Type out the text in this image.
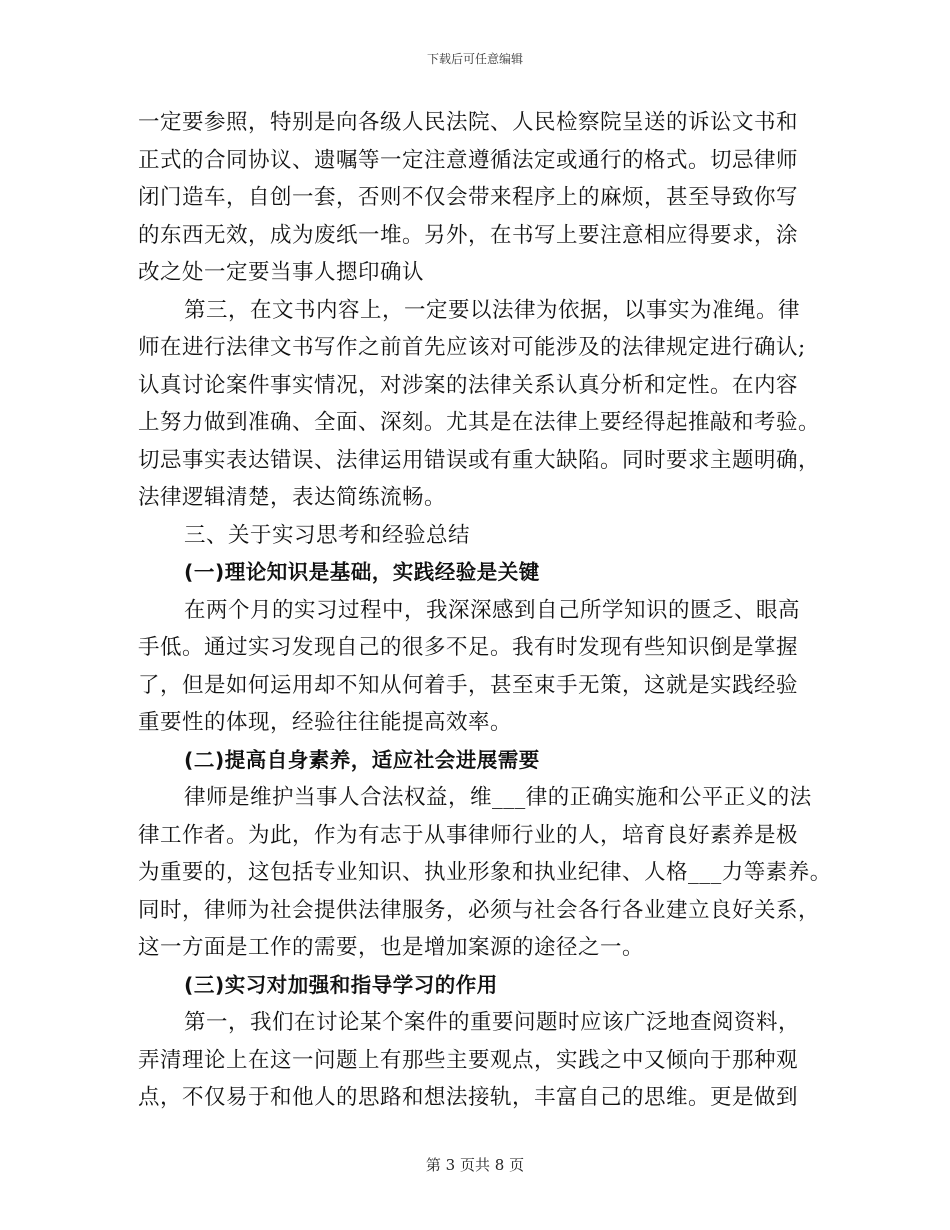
下载后可任意编辑
一定要参照，特别是向各级人民法院、人民检察院呈送的诉讼文书和
正式的合同协议、遗嘱等一定注意遵循法定或通行的格式。切忌律师
闭门造车，自创一套，否则不仅会带来程序上的麻烦，甚至导致你写
的东西无效，成为废纸一堆。另外，在书写上要注意相应得要求，涂
改之处一定要当事人摁印确认
第三，在文书内容上，一定要以法律为依据，以事实为准绳。律
师在进行法律文书写作之前首先应该对可能涉及的法律规定进行确认;
认真讨论案件事实情况，对涉案的法律关系认真分析和定性。在内容
上努力做到准确、全面、深刻。尤其是在法律上要经得起推敲和考验。
切忌事实表达错误、法律运用错误或有重大缺陷。同时要求主题明确，
法律逻辑清楚，表达简练流畅。
三、关于实习思考和经验总结
(一)理论知识是基础，实践经验是关键
在两个月的实习过程中，我深深感到自己所学知识的匮乏、眼高
手低。通过实习发现自己的很多不足。我有时发现有些知识倒是掌握
了，但是如何运用却不知从何着手，甚至束手无策，这就是实践经验
重要性的体现，经验往往能提高效率。
(二)提高自身素养，适应社会进展需要
律师是维护当事人合法权益，维___律的正确实施和公平正义的法
律工作者。为此，作为有志于从事律师行业的人，培育良好素养是极
为重要的，这包括专业知识、执业形象和执业纪律、人格___力等素养。
同时，律师为社会提供法律服务，必须与社会各行各业建立良好关系，
这一方面是工作的需要，也是增加案源的途径之一。
(三)实习对加强和指导学习的作用
第一，我们在讨论某个案件的重要问题时应该广泛地查阅资料，
弄清理论上在这一问题上有那些主要观点，实践之中又倾向于那种观
点，不仅易于和他人的思路和想法接轨，丰富自己的思维。更是做到
第 3 页共 8 页
